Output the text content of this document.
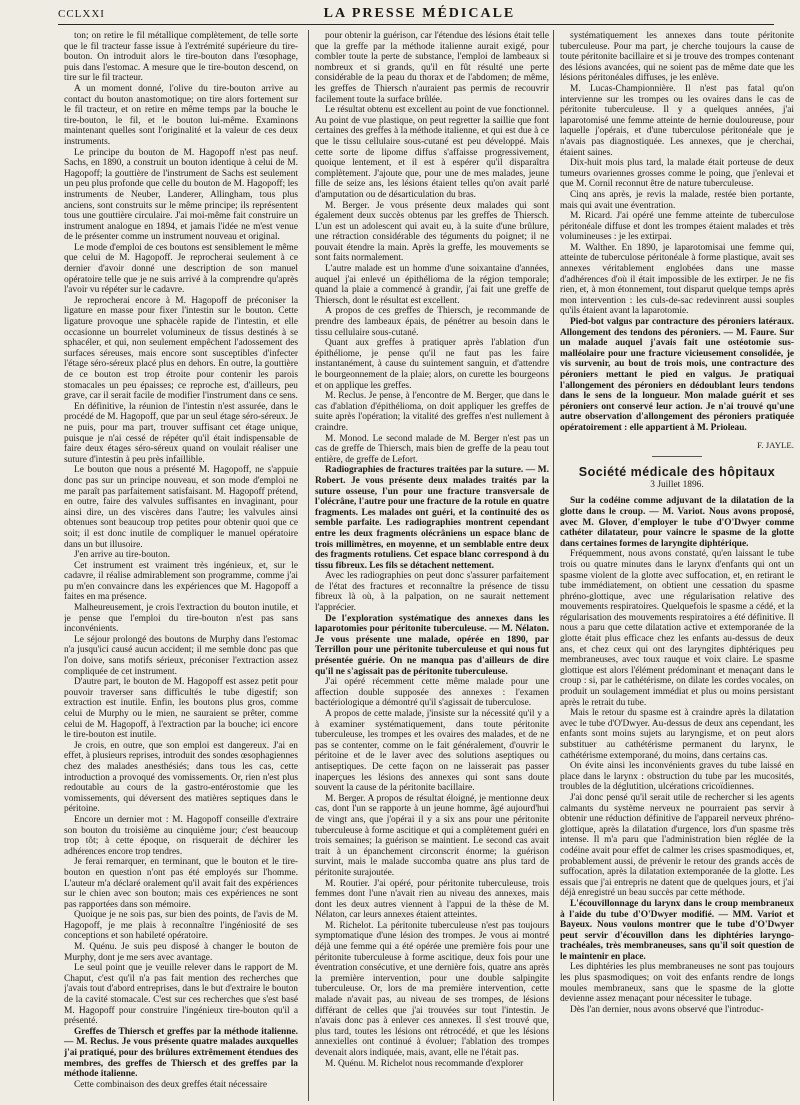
CCLXXI	LA PRESSE MÉDICALE

ton; on retire le fil métallique complètement, de telle sorte que le fil tracteur fasse issue à l'extrémité supérieure du tire-bouton. On introduit alors le tire-bouton dans l'œsophage, puis dans l'estomac. A mesure que le tire-bouton descend, on tire sur le fil tracteur.

A un moment donné, l'olive du tire-bouton arrive au contact du bouton anastomotique; on tire alors fortement sur le fil tracteur, et on retire en même temps par la bouche le tire-bouton, le fil, et le bouton lui-même. Examinons maintenant quelles sont l'originalité et la valeur de ces deux instruments.

Le principe du bouton de M. Hagopoff n'est pas neuf. Sachs, en 1890, a construit un bouton identique à celui de M. Hagopoff; la gouttière de l'instrument de Sachs est seulement un peu plus profonde que celle du bouton de M. Hagopoff; les instruments de Neuber, Landerer, Allingham, tous plus anciens, sont construits sur le même principe; ils représentent tous une gouttière circulaire. J'ai moi-même fait construire un instrument analogue en 1894, et jamais l'idée ne m'est venue de le présenter comme un instrument nouveau et original.

Le mode d'emploi de ces boutons est sensiblement le même que celui de M. Hagopoff. Je reprocherai seulement à ce dernier d'avoir donné une description de son manuel opératoire telle que je ne suis arrivé à la comprendre qu'après l'avoir vu répéter sur le cadavre.

Je reprocherai encore à M. Hagopoff de préconiser la ligature en masse pour fixer l'intestin sur le bouton. Cette ligature provoque une sphacèle rapide de l'intestin, et elle occasionne un bourrelet volumineux de tissus destinés à se sphacéler, et qui, non seulement empêchent l'adossement des surfaces séreuses, mais encore sont susceptibles d'infecter l'étage séro-séreux placé plus en dehors. En outre, la gouttière de ce bouton est trop étroite pour contenir les parois stomacales un peu épaisses; ce reproche est, d'ailleurs, peu grave, car il serait facile de modifier l'instrument dans ce sens.

En définitive, la réunion de l'intestin n'est assurée, dans le procédé de M. Hagopoff, que par un seul étage séro-séreux. Je ne puis, pour ma part, trouver suffisant cet étage unique, puisque je n'ai cessé de répéter qu'il était indispensable de faire deux étages séro-séreux quand on voulait réaliser une suture d'intestin à peu près infaillible.

Le bouton que nous a présenté M. Hagopoff, ne s'appuie donc pas sur un principe nouveau, et son mode d'emploi ne me paraît pas parfaitement satisfaisant. M. Hagopoff prétend, en outre, faire des valvules suffisantes en invaginant, pour ainsi dire, un des viscères dans l'autre; les valvules ainsi obtenues sont beaucoup trop petites pour obtenir quoi que ce soit; il est donc inutile de compliquer le manuel opératoire dans un but illusoire.

J'en arrive au tire-bouton.

Cet instrument est vraiment très ingénieux, et, sur le cadavre, il réalise admirablement son programme, comme j'ai pu m'en convaincre dans les expériences que M. Hagopoff a faites en ma présence.

Malheureusement, je crois l'extraction du bouton inutile, et je pense que l'emploi du tire-bouton n'est pas sans inconvénients.

Le séjour prolongé des boutons de Murphy dans l'estomac n'a jusqu'ici causé aucun accident; il me semble donc pas que l'on doive, sans motifs sérieux, préconiser l'extraction assez compliquée de cet instrument.

D'autre part, le bouton de M. Hagopoff est assez petit pour pouvoir traverser sans difficultés le tube digestif; son extraction est inutile. Enfin, les boutons plus gros, comme celui de Murphy ou le mien, ne sauraient se prêter, comme celui de M. Hagopoff, à l'extraction par la bouche; ici encore le tire-bouton est inutile.

Je crois, en outre, que son emploi est dangereux. J'ai en effet, à plusieurs reprises, introduit des sondes œsophagiennes chez des malades anesthésiés; dans tous les cas, cette introduction a provoqué des vomissements. Or, rien n'est plus redoutable au cours de la gastro-entérostomie que les vomissements, qui déversent des matières septiques dans le péritoine.

Encore un dernier mot : M. Hagopoff conseille d'extraire son bouton du troisième au cinquième jour; c'est beaucoup trop tôt; à cette époque, on risquerait de déchirer les adhérences encore trop tendres.

Je ferai remarquer, en terminant, que le bouton et le tire-bouton en question n'ont pas été employés sur l'homme. L'auteur m'a déclaré oralement qu'il avait fait des expériences sur le chien avec son bouton; mais ces expériences ne sont pas rapportées dans son mémoire.

Quoique je ne sois pas, sur bien des points, de l'avis de M. Hagopoff, je me plais à reconnaître l'ingéniosité de ses conceptions et son habileté opératoire.

M. Quénu. Je suis peu disposé à changer le bouton de Murphy, dont je me sers avec avantage.

Le seul point que je veuille relever dans le rapport de M. Chaput, c'est qu'il n'a pas fait mention des recherches que j'avais tout d'abord entreprises, dans le but d'extraire le bouton de la cavité stomacale. C'est sur ces recherches que s'est basé M. Hagopoff pour construire l'ingénieux tire-bouton qu'il a présenté.

Greffes de Thiersch et greffes par la méthode italienne. — M. Reclus. Je vous présente quatre malades auxquelles j'ai pratiqué, pour des brûlures extrêmement étendues des membres, des greffes de Thiersch et des greffes par la méthode italienne.

Cette combinaison des deux greffes était nécessaire

pour obtenir la guérison, car l'étendue des lésions était telle que la greffe par la méthode italienne aurait exigé, pour combler toute la perte de substance, l'emploi de lambeaux si nombreux et si grands, qu'il en fût résulté une perte considérable de la peau du thorax et de l'abdomen; de même, les greffes de Thiersch n'auraient pas permis de recouvrir facilement toute la surface brûlée.

Le résultat obtenu est excellent au point de vue fonctionnel. Au point de vue plastique, on peut regretter la saillie que font certaines des greffes à la méthode italienne, et qui est due à ce que le tissu cellulaire sous-cutané est peu développé. Mais cette sorte de lipome diffus s'affaisse progressivement, quoique lentement, et il est à espérer qu'il disparaîtra complètement. J'ajoute que, pour une de mes malades, jeune fille de seize ans, les lésions étaient telles qu'on avait parlé d'amputation ou de désarticulation du bras.

M. Berger. Je vous présente deux malades qui sont également deux succès obtenus par les greffes de Thiersch. L'un est un adolescent qui avait eu, à la suite d'une brûlure, une rétraction considérable des téguments du poignet; il ne pouvait étendre la main. Après la greffe, les mouvements se sont faits normalement.

L'autre malade est un homme d'une soixantaine d'années, auquel j'ai enlevé un épithélioma de la région temporale; quand la plaie a commencé à grandir, j'ai fait une greffe de Thiersch, dont le résultat est excellent.

A propos de ces greffes de Thiersch, je recommande de prendre des lambeaux épais, de pénétrer au besoin dans le tissu cellulaire sous-cutané.

Quant aux greffes à pratiquer après l'ablation d'un épithéliome, je pense qu'il ne faut pas les faire instantanément, à cause du suintement sanguin, et d'attendre le bourgeonnement de la plaie; alors, on curette les bourgeons et on applique les greffes.

M. Reclus. Je pense, à l'encontre de M. Berger, que dans le cas d'ablation d'épithélioma, on doit appliquer les greffes de suite après l'opération; la vitalité des greffes n'est nullement à craindre.

M. Monod. Le second malade de M. Berger n'est pas un cas de greffe de Thiersch, mais bien de greffe de la peau tout entière, de greffe de Lefort.

Radiographies de fractures traitées par la suture. — M. Robert. Je vous présente deux malades traités par la suture osseuse, l'un pour une fracture transversale de l'olécrâne, l'autre pour une fracture de la rotule en quatre fragments. Les malades ont guéri, et la continuité des os semble parfaite. Les radiographies montrent cependant entre les deux fragments olécrâniens un espace blanc de trois millimètres, en moyenne, et un semblable entre deux des fragments rotuliens. Cet espace blanc correspond à du tissu fibreux. Les fils se détachent nettement.

Avec les radiographies on peut donc s'assurer parfaitement de l'état des fractures et reconnaître la présence de tissu fibreux là où, à la palpation, on ne saurait nettement l'apprécier.

De l'exploration systématique des annexes dans les laparotomies pour péritonite tuberculeuse. — M. Nélaton. Je vous présente une malade, opérée en 1890, par Terrillon pour une péritonite tuberculeuse et qui nous fut présentée guérie. On ne manqua pas d'ailleurs de dire qu'il ne s'agissait pas de péritonite tuberculeuse.

J'ai opéré récemment cette même malade pour une affection double supposée des annexes : l'examen bactériologique a démontré qu'il s'agissait de tuberculose.

A propos de cette malade, j'insiste sur la nécessité qu'il y a à examiner systématiquement, dans toute péritonite tuberculeuse, les trompes et les ovaires des malades, et de ne pas se contenter, comme on le fait généralement, d'ouvrir le péritoine et de le laver avec des solutions aseptiques ou antiseptiques. De cette façon on ne laisserait pas passer inaperçues les lésions des annexes qui sont sans doute souvent la cause de la péritonite bacillaire.

M. Berger. A propos de résultat éloigné, je mentionne deux cas, dont l'un se rapporte à un jeune homme, âgé aujourd'hui de vingt ans, que j'opérai il y a six ans pour une péritonite tuberculeuse à forme ascitique et qui a complètement guéri en trois semaines; la guérison se maintient. Le second cas avait trait à un épanchement circonscrit énorme; la guérison survint, mais le malade succomba quatre ans plus tard de péritonite surajoutée.

M. Routier. J'ai opéré, pour péritonite tuberculeuse, trois femmes dont l'une n'avait rien au niveau des annexes, mais dont les deux autres viennent à l'appui de la thèse de M. Nélaton, car leurs annexes étaient atteintes.

M. Richelot. La péritonite tuberculeuse n'est pas toujours symptomatique d'une lésion des trompes. Je vous ai montré déjà une femme qui a été opérée une première fois pour une péritonite tuberculeuse à forme ascitique, deux fois pour une éventration consécutive, et une dernière fois, quatre ans après la première intervention, pour une double salpingite tuberculeuse. Or, lors de ma première intervention, cette malade n'avait pas, au niveau de ses trompes, de lésions différant de celles que j'ai trouvées sur tout l'intestin. Je n'avais donc pas à enlever ces annexes. Il s'est trouvé que, plus tard, toutes les lésions ont rétrocédé, et que les lésions annexielles ont continué à évoluer; l'ablation des trompes devenait alors indiquée, mais, avant, elle ne l'était pas.

M. Quénu. M. Richelot nous recommande d'explorer

systématiquement les annexes dans toute péritonite tuberculeuse. Pour ma part, je cherche toujours la cause de toute péritonite bacillaire et si je trouve des trompes contenant des lésions avancées, qui ne soient pas de même date que les lésions péritonéales diffuses, je les enlève.

M. Lucas-Championnière. Il n'est pas fatal qu'on intervienne sur les trompes ou les ovaires dans le cas de péritonite tuberculeuse. Il y a quelques années, j'ai laparotomisé une femme atteinte de hernie douloureuse, pour laquelle j'opérais, et d'une tuberculose péritonéale que je n'avais pas diagnostiquée. Les annexes, que je cherchai, étaient saines.

Dix-huit mois plus tard, la malade était porteuse de deux tumeurs ovariennes grosses comme le poing, que j'enlevai et que M. Cornil reconnut être de nature tuberculeuse.

Cinq ans après, je revis la malade, restée bien portante, mais qui avait une éventration.

M. Ricard. J'ai opéré une femme atteinte de tuberculose péritonéale diffuse et dont les trompes étaient malades et très volumineuses : je les extirpai.

M. Walther. En 1890, je laparotomisai une femme qui, atteinte de tuberculose péritonéale à forme plastique, avait ses annexes véritablement englobées dans une masse d'adhérences d'où il était impossible de les extirper. Je ne fis rien, et, à mon étonnement, tout disparut quelque temps après mon intervention : les culs-de-sac redevinrent aussi souples qu'ils étaient avant la laparotomie.

Pied-bot valgus par contracture des péroniers latéraux. Allongement des tendons des péroniers. — M. Faure. Sur un malade auquel j'avais fait une ostéotomie sus-malléolaire pour une fracture vicieusement consolidée, je vis survenir, au bout de trois mois, une contracture des péroniers mettant le pied en valgus. Je pratiquai l'allongement des péroniers en dédoublant leurs tendons dans le sens de la longueur. Mon malade guérit et ses péroniers ont conservé leur action. Je n'ai trouvé qu'une autre observation d'allongement des péroniers pratiquée opératoirement : elle appartient à M. Prioleau.

F. JAYLE.

Société médicale des hôpitaux

3 Juillet 1896.

Sur la codéine comme adjuvant de la dilatation de la glotte dans le croup. — M. Variot. Nous avons proposé, avec M. Glover, d'employer le tube d'O'Dwyer comme cathéter dilatateur, pour vaincre le spasme de la glotte dans certaines formes de laryngite diphtérique.

Fréquemment, nous avons constaté, qu'en laissant le tube trois ou quatre minutes dans le larynx d'enfants qui ont un spasme violent de la glotte avec suffocation, et, en retirant le tube immédiatement, on obtient une cessation du spasme phréno-glottique, avec une régularisation relative des mouvements respiratoires. Quelquefois le spasme a cédé, et la régularisation des mouvements respiratoires a été définitive. Il nous a paru que cette dilatation active et extemporanée de la glotte était plus efficace chez les enfants au-dessus de deux ans, et chez ceux qui ont des laryngites diphtériques peu membraneuses, avec toux rauque et voix claire. Le spasme glottique est alors l'élément prédominant et menaçant dans le croup : si, par le cathétérisme, on dilate les cordes vocales, on produit un soulagement immédiat et plus ou moins persistant après le retrait du tube.

Mais le retour du spasme est à craindre après la dilatation avec le tube d'O'Dwyer. Au-dessus de deux ans cependant, les enfants sont moins sujets au laryngisme, et on peut alors substituer au cathétérisme permanent du larynx, le cathétérisme extemporané, du moins, dans certains cas.

On évite ainsi les inconvénients graves du tube laissé en place dans le larynx : obstruction du tube par les mucosités, troubles de la déglutition, ulcérations cricoïdiennes.

J'ai donc pensé qu'il serait utile de rechercher si les agents calmants du système nerveux ne pourraient pas servir à obtenir une réduction définitive de l'appareil nerveux phréno-glottique, après la dilatation d'urgence, lors d'un spasme très intense. Il m'a paru que l'administration bien réglée de la codéine avait pour effet de calmer les crises spasmodiques, et, probablement aussi, de prévenir le retour des grands accès de suffocation, après la dilatation extemporanée de la glotte. Les essais que j'ai entrepris ne datent que de quelques jours, et j'ai déjà enregistré un beau succès par cette méthode.

L'écouvillonnage du larynx dans le croup membraneux à l'aide du tube d'O'Dwyer modifié. — MM. Variot et Bayeux. Nous voulons montrer que le tube d'O'Dwyer peut servir d'écouvillon dans les diphtéries laryngo-trachéales, très membraneuses, sans qu'il soit question de le maintenir en place.

Les diphtéries les plus membraneuses ne sont pas toujours les plus spasmodiques; on voit des enfants rendre de longs moules membraneux, sans que le spasme de la glotte devienne assez menaçant pour nécessiter le tubage.

Dès l'an dernier, nous avons observé que l'introduc-
